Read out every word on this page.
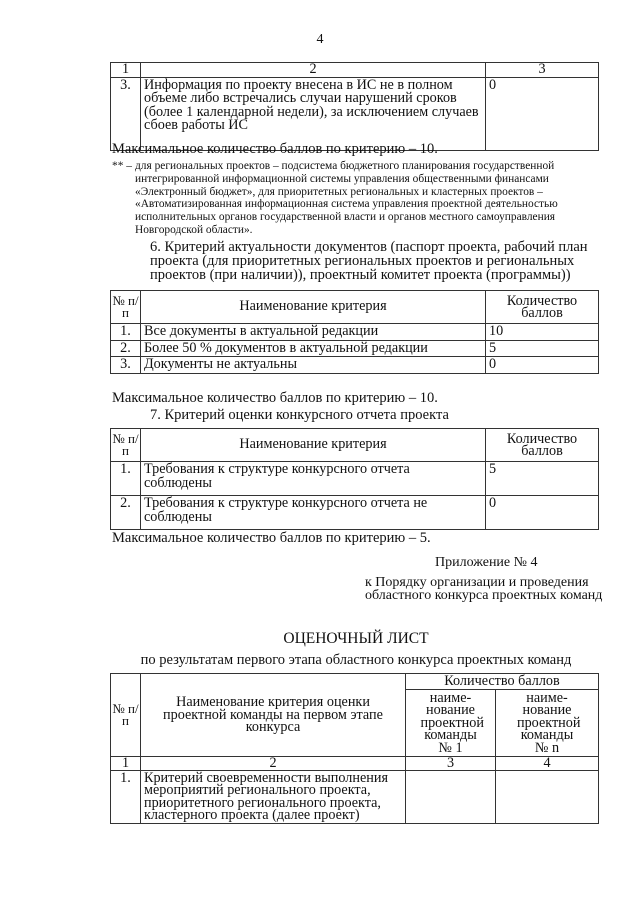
4
1	2	3
3.	Информация по проекту внесена в ИС не в полном объеме либо встречались случаи нарушений сроков (более 1 календарной недели), за исключением случаев сбоев работы ИС	0
Максимальное количество баллов по критерию – 10.
** – для региональных проектов – подсистема бюджетного планирования государственной интегрированной информационной системы управления общественными финансами «Электронный бюджет», для приоритетных региональных и кластерных проектов – «Автоматизированная информационная система управления проектной деятельностью исполнительных органов государственной власти и органов местного самоуправления Новгородской области».
6. Критерий актуальности документов (паспорт проекта, рабочий план проекта (для приоритетных региональных проектов и региональных проектов (при наличии)), проектный комитет проекта (программы))
№ п/п	Наименование критерия	Количество баллов
1.	Все документы в актуальной редакции	10
2.	Более 50 % документов в актуальной редакции	5
3.	Документы не актуальны	0
Максимальное количество баллов по критерию – 10.
7. Критерий оценки конкурсного отчета проекта
№ п/п	Наименование критерия	Количество баллов
1.	Требования к структуре конкурсного отчета соблюдены	5
2.	Требования к структуре конкурсного отчета не соблюдены	0
Максимальное количество баллов по критерию – 5.
Приложение № 4
к Порядку организации и проведения областного конкурса проектных команд
ОЦЕНОЧНЫЙ ЛИСТ
по результатам первого этапа областного конкурса проектных команд
№ п/п	Наименование критерия оценки проектной команды на первом этапе конкурса	Количество баллов	
		наиме-нование проектной команды № 1	наиме-нование проектной команды № n
1	2	3	4
1.	Критерий своевременности выполнения мероприятий регионального проекта, приоритетного регионального проекта, кластерного проекта (далее проект)		
